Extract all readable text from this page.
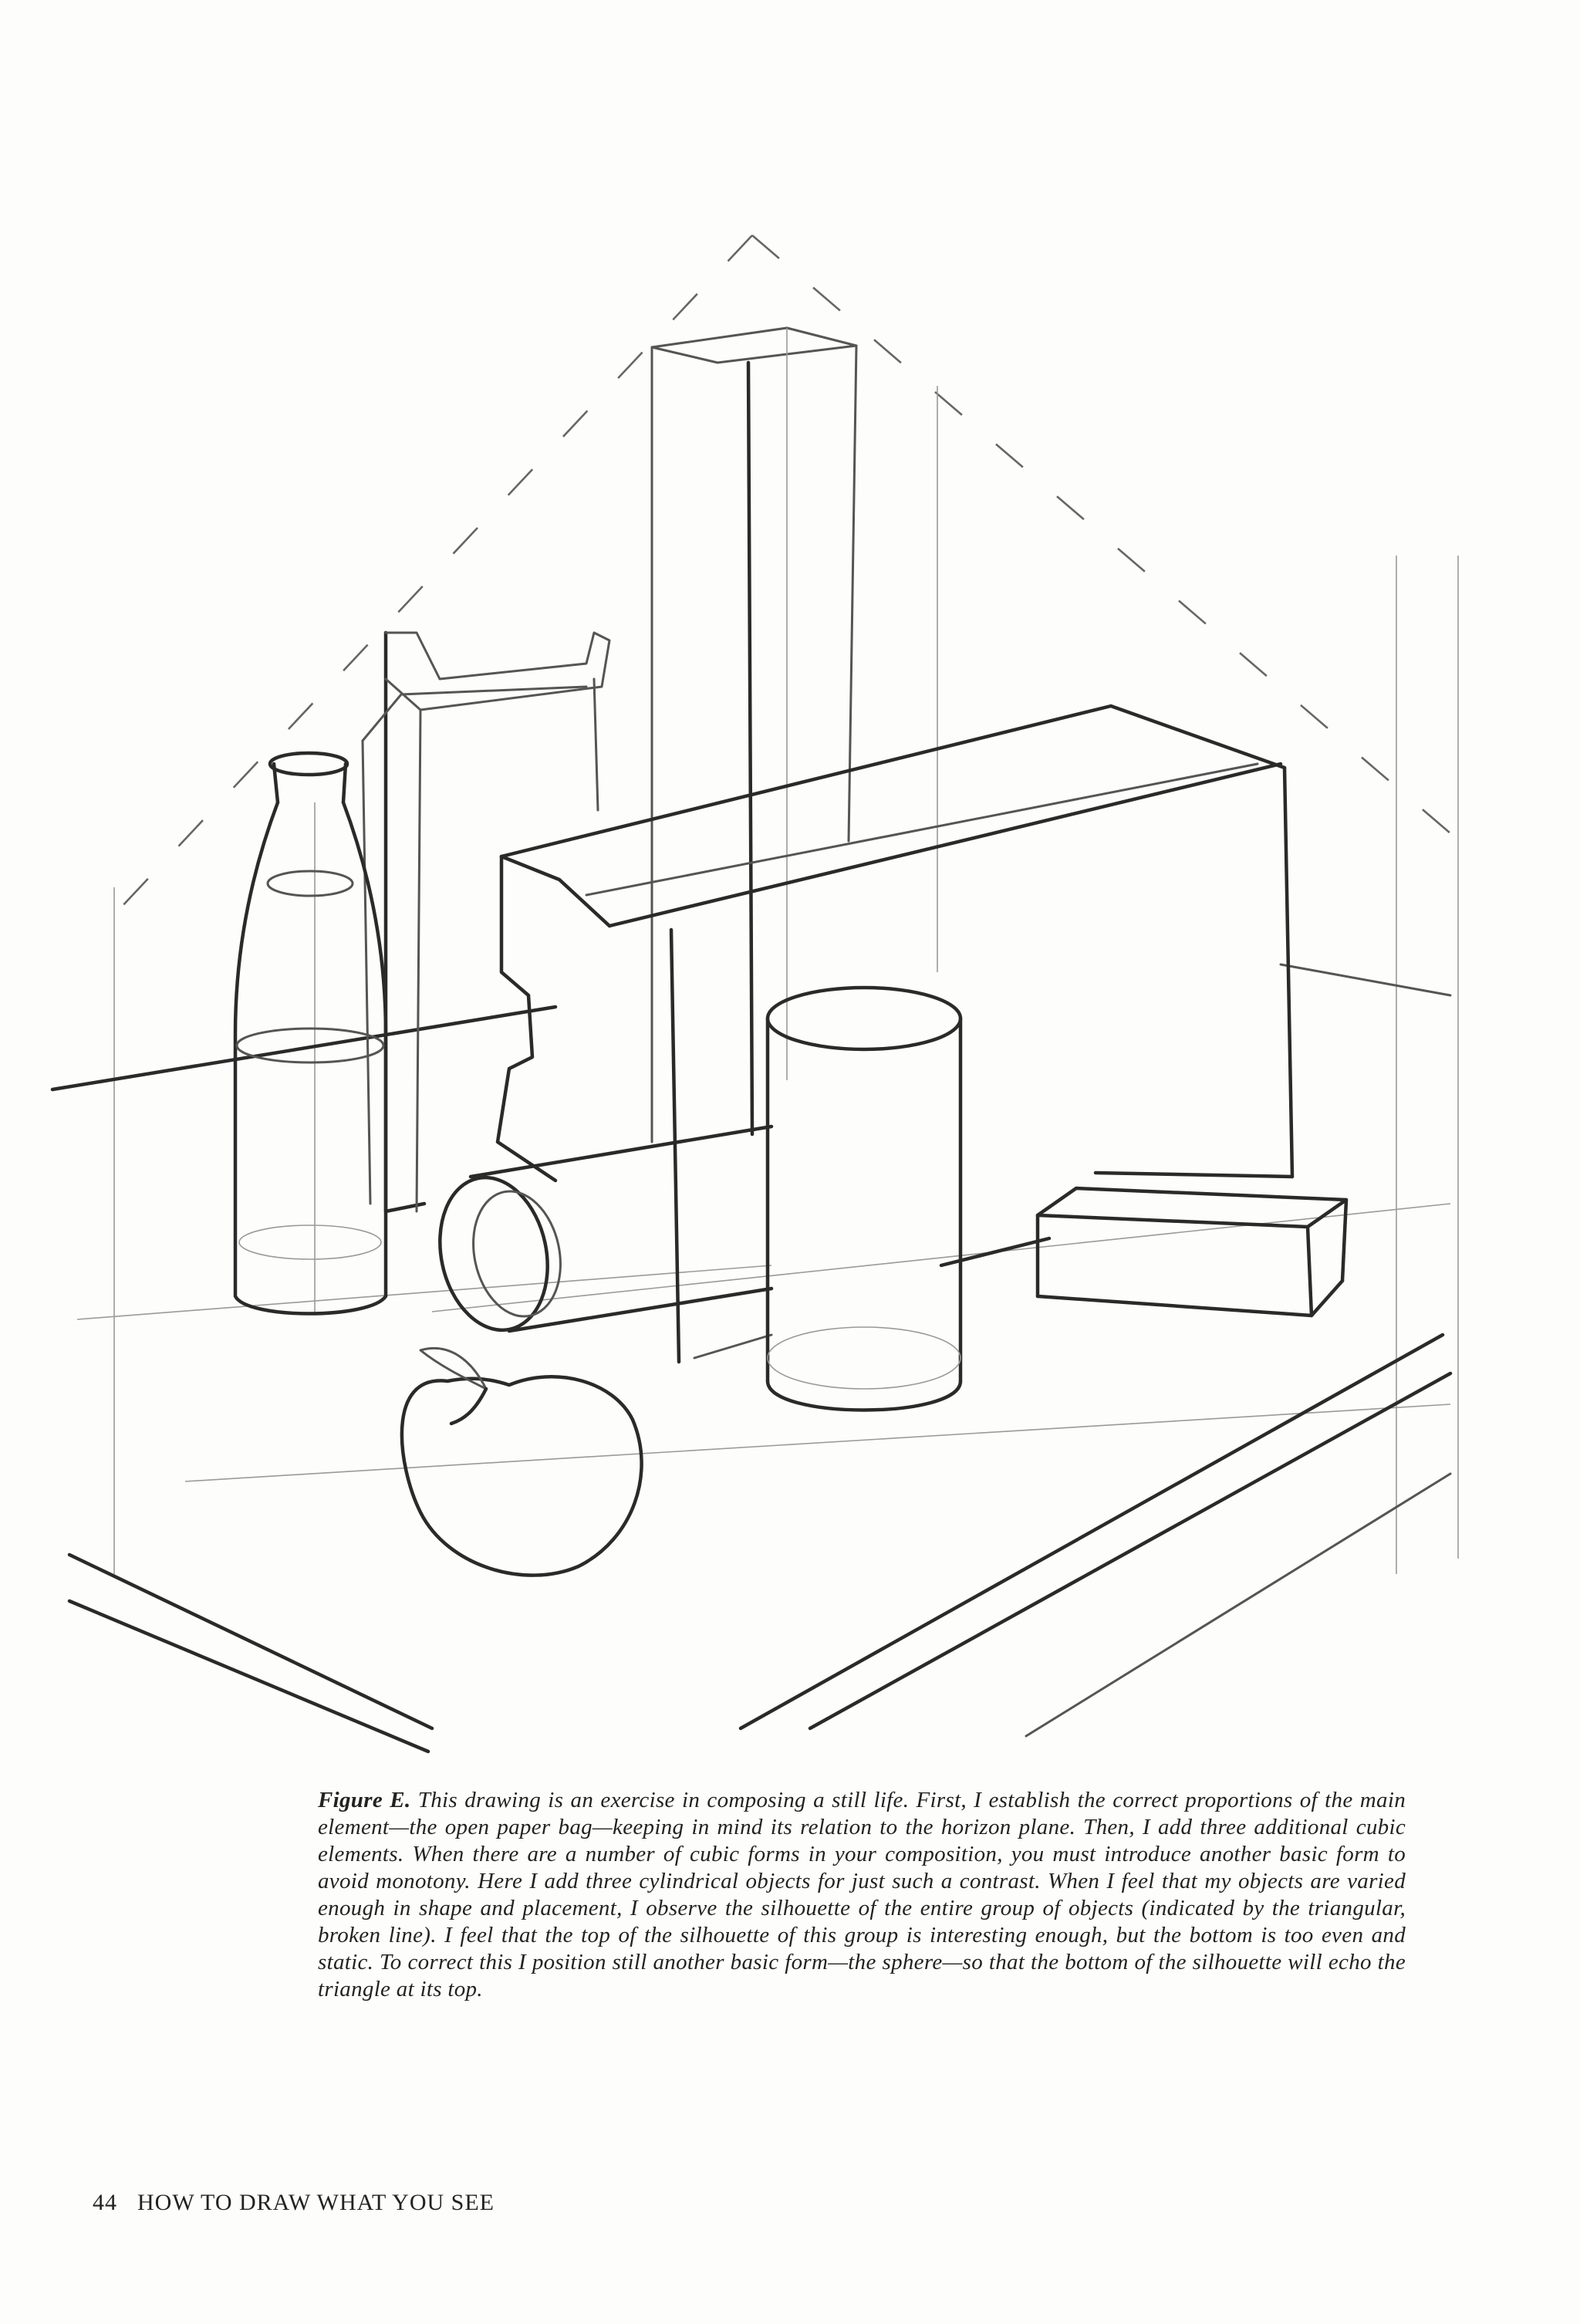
Figure E. This drawing is an exercise in composing a still life. First, I establish the correct proportions of the main element—the open paper bag—keeping in mind its relation to the horizon plane. Then, I add three additional cubic elements. When there are a number of cubic forms in your composition, you must introduce another basic form to avoid monotony. Here I add three cylindrical objects for just such a contrast. When I feel that my objects are varied enough in shape and placement, I observe the silhouette of the entire group of objects (indicated by the triangular, broken line). I feel that the top of the silhouette of this group is interesting enough, but the bottom is too even and static. To correct this I position still another basic form—the sphere—so that the bottom of the silhouette will echo the triangle at its top.
44 HOW TO DRAW WHAT YOU SEE
